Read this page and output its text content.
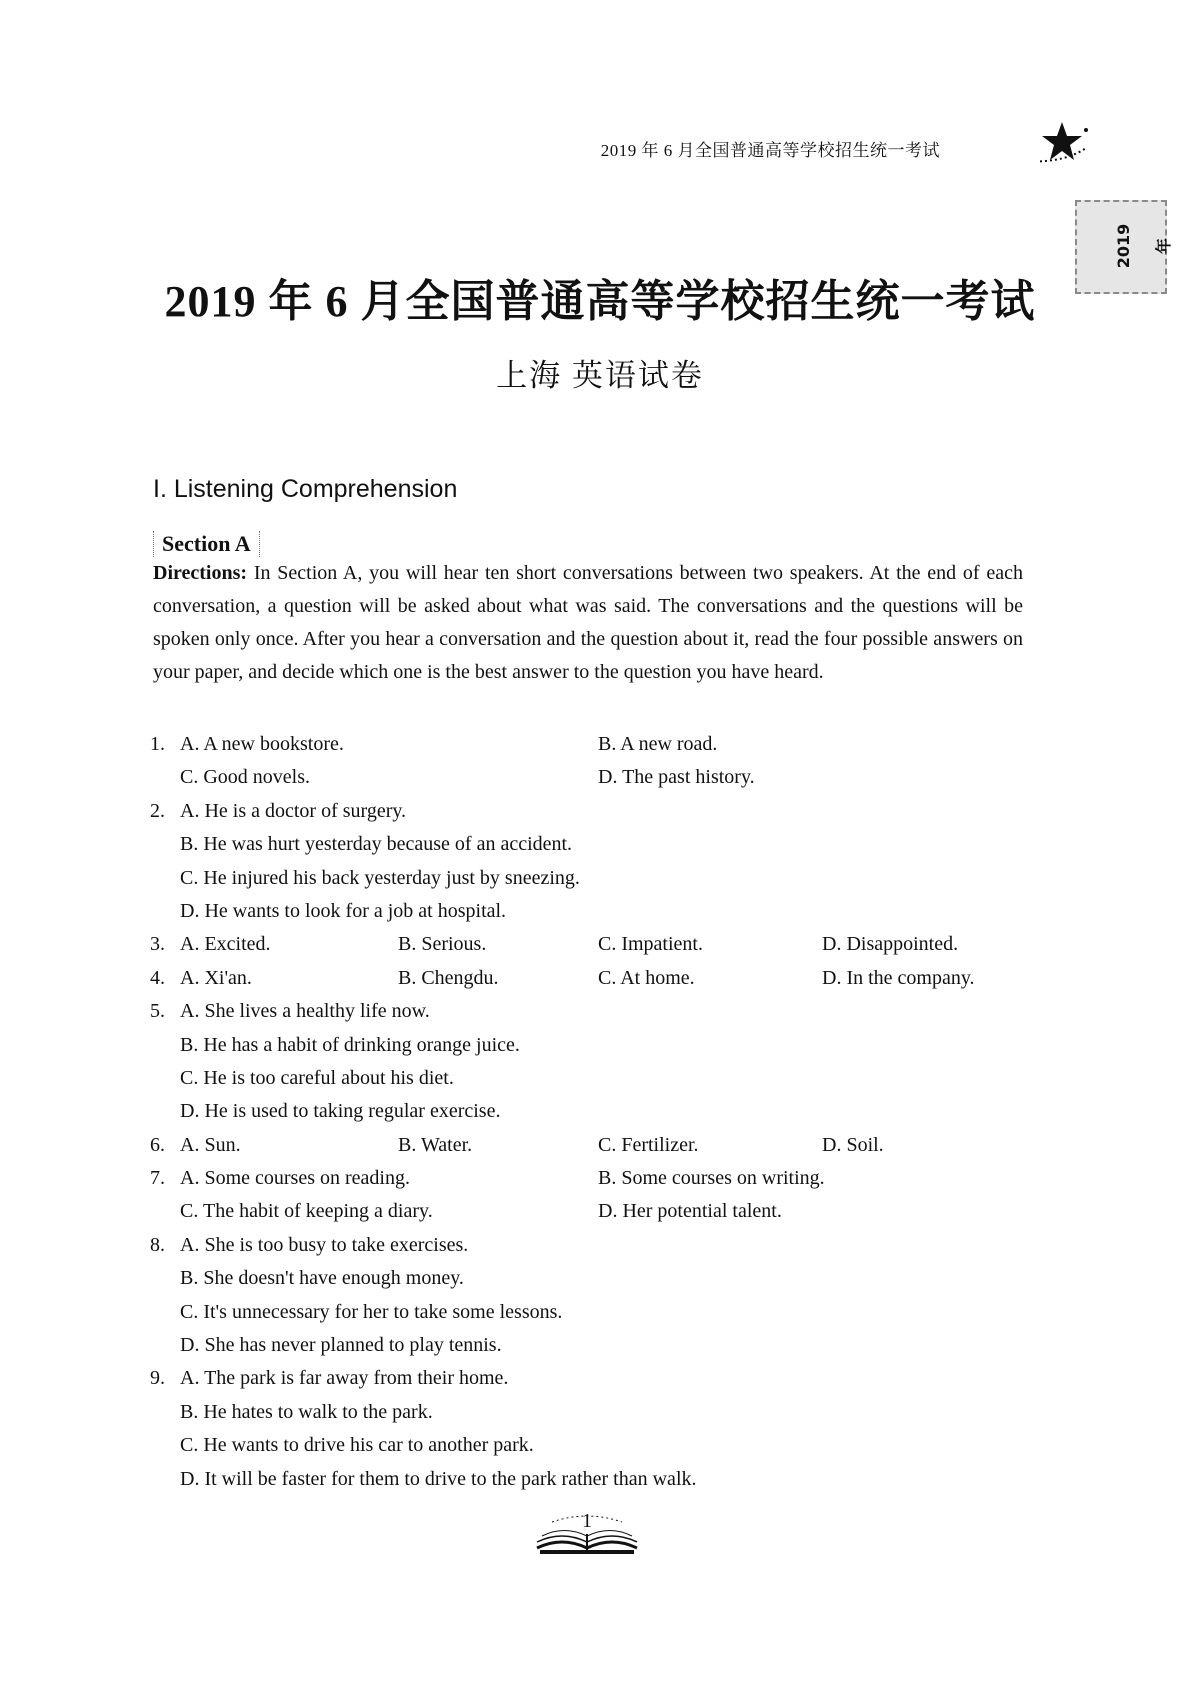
2019 年 6 月全国普通高等学校招生统一考试
2019年
2019 年 6 月全国普通高等学校招生统一考试
上海 英语试卷
I. Listening Comprehension
Section A
Directions: In Section A, you will hear ten short conversations between two speakers. At the end of each conversation, a question will be asked about what was said. The conversations and the questions will be spoken only once. After you hear a conversation and the question about it, read the four possible answers on your paper, and decide which one is the best answer to the question you have heard.
1. A. A new bookstore.	B. A new road.
C. Good novels.	D. The past history.
2. A. He is a doctor of surgery.
B. He was hurt yesterday because of an accident.
C. He injured his back yesterday just by sneezing.
D. He wants to look for a job at hospital.
3. A. Excited.	B. Serious.	C. Impatient.	D. Disappointed.
4. A. Xi'an.	B. Chengdu.	C. At home.	D. In the company.
5. A. She lives a healthy life now.
B. He has a habit of drinking orange juice.
C. He is too careful about his diet.
D. He is used to taking regular exercise.
6. A. Sun.	B. Water.	C. Fertilizer.	D. Soil.
7. A. Some courses on reading.	B. Some courses on writing.
C. The habit of keeping a diary.	D. Her potential talent.
8. A. She is too busy to take exercises.
B. She doesn't have enough money.
C. It's unnecessary for her to take some lessons.
D. She has never planned to play tennis.
9. A. The park is far away from their home.
B. He hates to walk to the park.
C. He wants to drive his car to another park.
D. It will be faster for them to drive to the park rather than walk.
1
